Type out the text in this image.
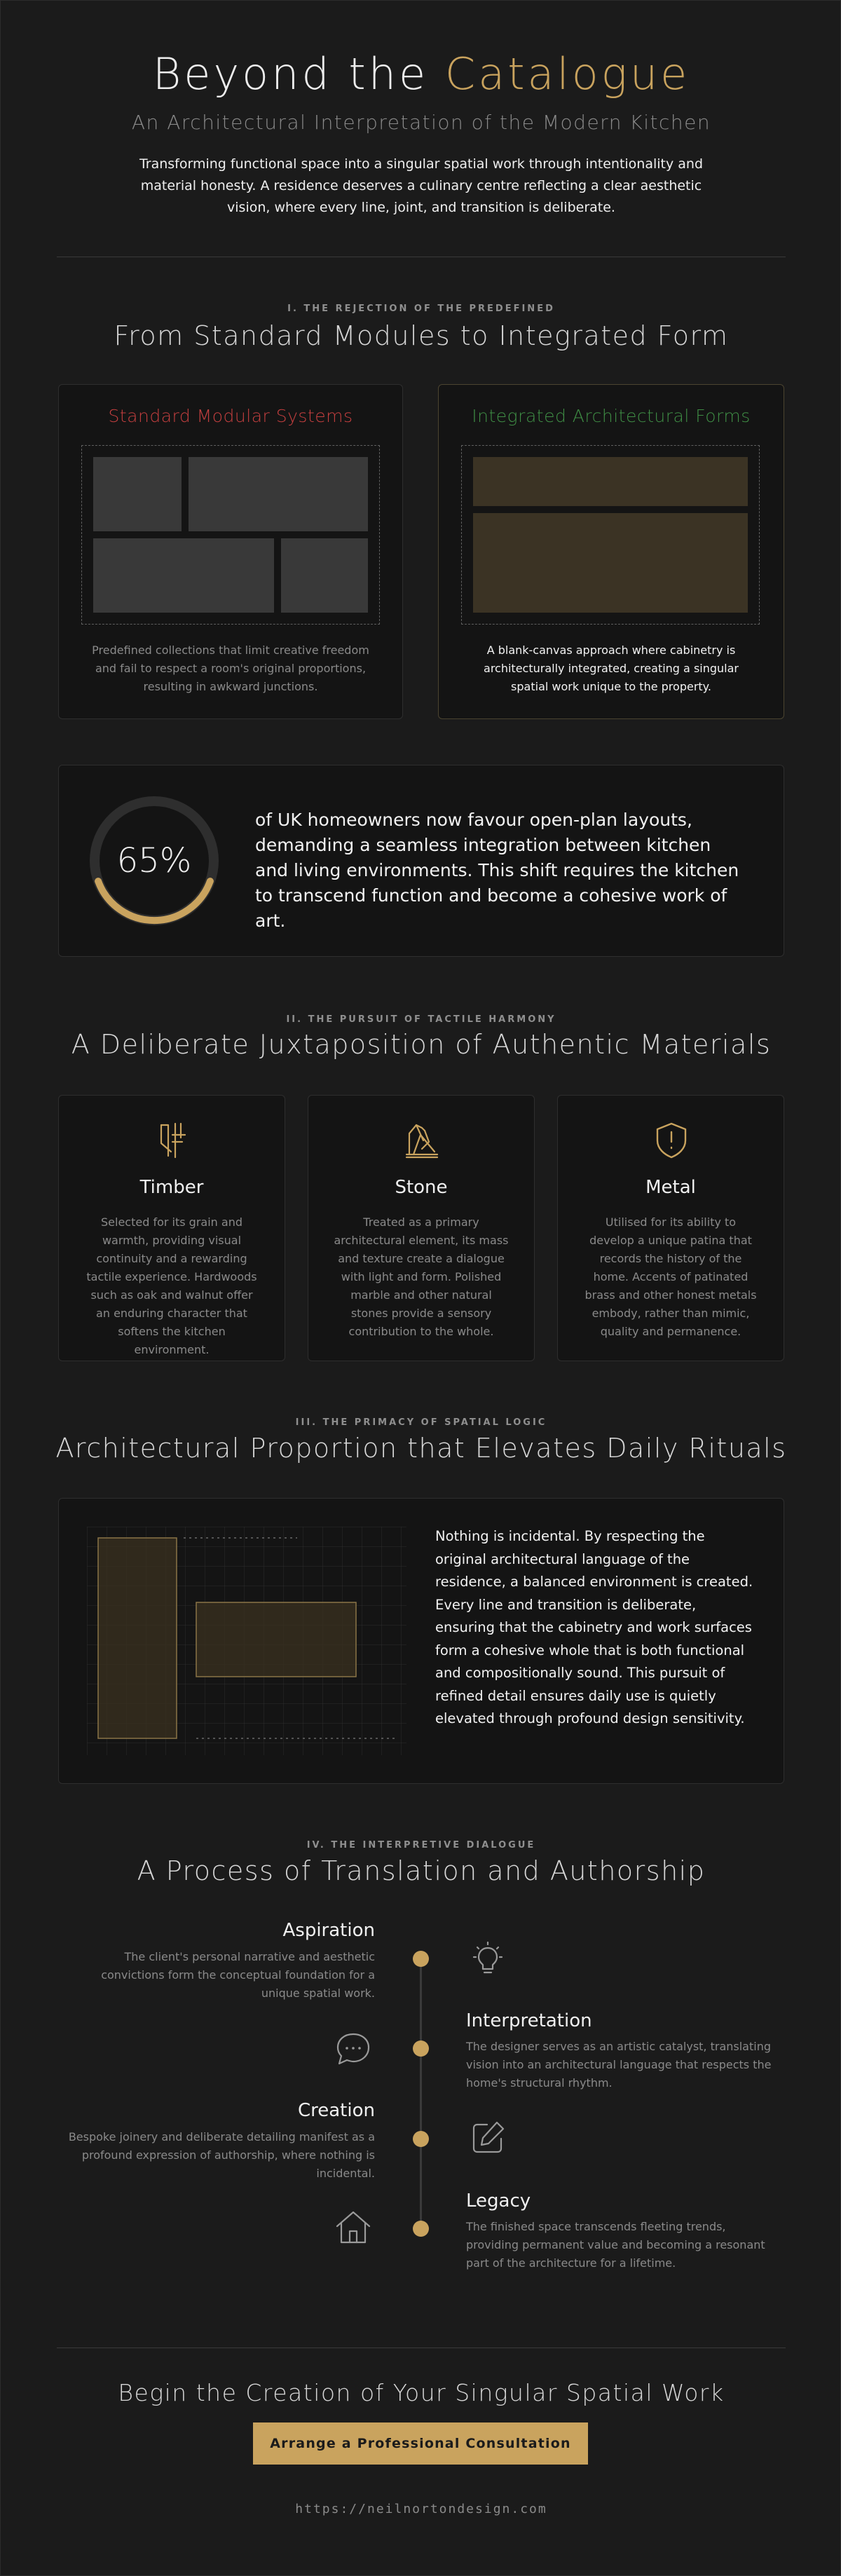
Beyond the Catalogue
An Architectural Interpretation of the Modern Kitchen
Transforming functional space into a singular spatial work through intentionality and material honesty. A residence deserves a culinary centre reflecting a clear aesthetic vision, where every line, joint, and transition is deliberate.
I. THE REJECTION OF THE PREDEFINED
From Standard Modules to Integrated Form
Standard Modular Systems
Predefined collections that limit creative freedom and fail to respect a room's original proportions, resulting in awkward junctions.
Integrated Architectural Forms
A blank-canvas approach where cabinetry is architecturally integrated, creating a singular spatial work unique to the property.
65%
of UK homeowners now favour open-plan layouts, demanding a seamless integration between kitchen and living environments. This shift requires the kitchen to transcend function and become a cohesive work of art.
II. THE PURSUIT OF TACTILE HARMONY
A Deliberate Juxtaposition of Authentic Materials
Timber
Selected for its grain and warmth, providing visual continuity and a rewarding tactile experience. Hardwoods such as oak and walnut offer an enduring character that softens the kitchen environment.
Stone
Treated as a primary architectural element, its mass and texture create a dialogue with light and form. Polished marble and other natural stones provide a sensory contribution to the whole.
Metal
Utilised for its ability to develop a unique patina that records the history of the home. Accents of patinated brass and other honest metals embody, rather than mimic, quality and permanence.
III. THE PRIMACY OF SPATIAL LOGIC
Architectural Proportion that Elevates Daily Rituals
Nothing is incidental. By respecting the original architectural language of the residence, a balanced environment is created. Every line and transition is deliberate, ensuring that the cabinetry and work surfaces form a cohesive whole that is both functional and compositionally sound. This pursuit of refined detail ensures daily use is quietly elevated through profound design sensitivity.
IV. THE INTERPRETIVE DIALOGUE
A Process of Translation and Authorship
Aspiration
The client's personal narrative and aesthetic convictions form the conceptual foundation for a unique spatial work.
Interpretation
The designer serves as an artistic catalyst, translating vision into an architectural language that respects the home's structural rhythm.
Creation
Bespoke joinery and deliberate detailing manifest as a profound expression of authorship, where nothing is incidental.
Legacy
The finished space transcends fleeting trends, providing permanent value and becoming a resonant part of the architecture for a lifetime.
Begin the Creation of Your Singular Spatial Work
Arrange a Professional Consultation
https://neilnortondesign.com
